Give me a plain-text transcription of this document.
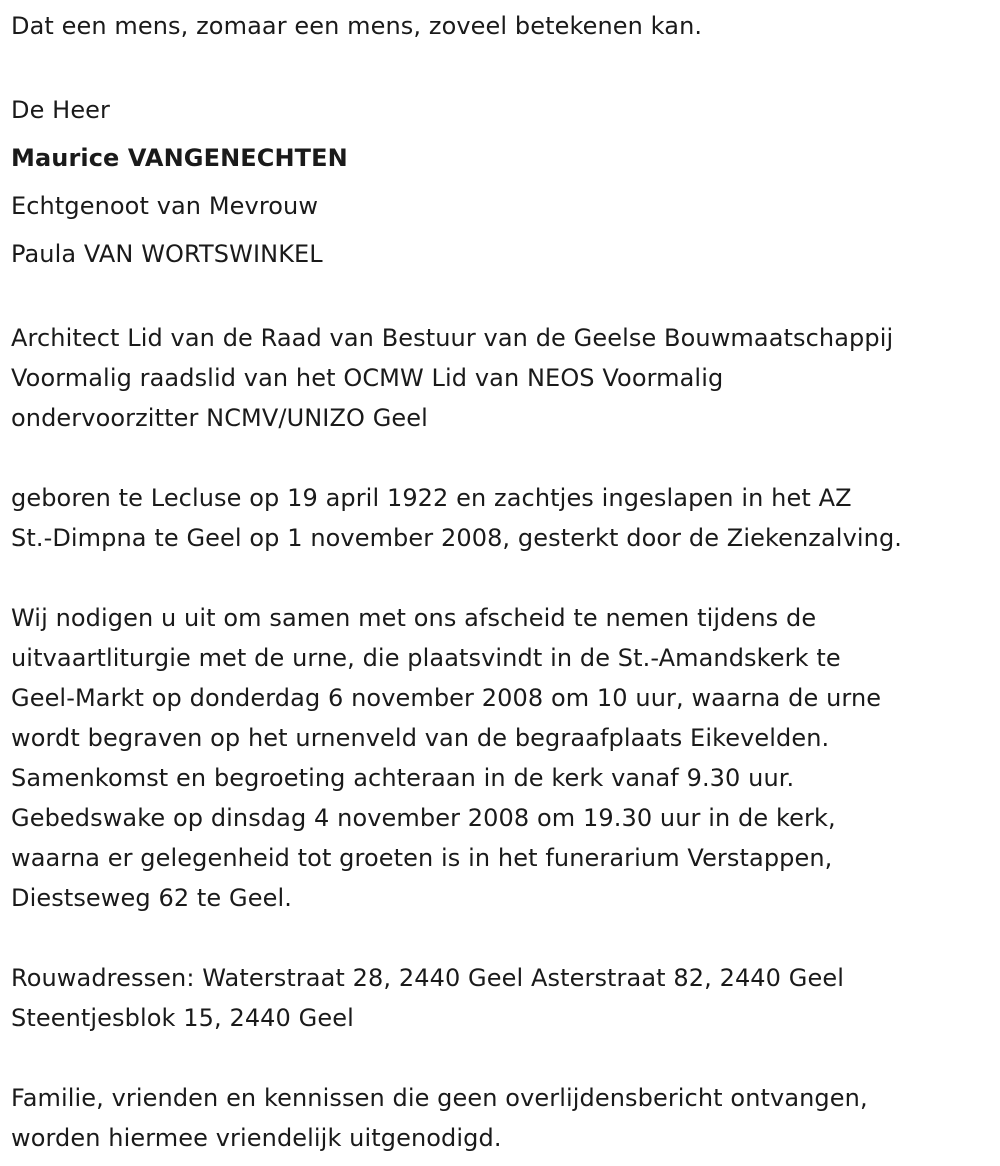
Dat een mens, zomaar een mens, zoveel betekenen kan.
De Heer
Maurice VANGENECHTEN
Echtgenoot van Mevrouw
Paula VAN WORTSWINKEL
Architect Lid van de Raad van Bestuur van de Geelse Bouwmaatschappij
Voormalig raadslid van het OCMW Lid van NEOS Voormalig
ondervoorzitter NCMV/UNIZO Geel
geboren te Lecluse op 19 april 1922 en zachtjes ingeslapen in het AZ
St.-Dimpna te Geel op 1 november 2008, gesterkt door de Ziekenzalving.
Wij nodigen u uit om samen met ons afscheid te nemen tijdens de
uitvaartliturgie met de urne, die plaatsvindt in de St.-Amandskerk te
Geel-Markt op donderdag 6 november 2008 om 10 uur, waarna de urne
wordt begraven op het urnenveld van de begraafplaats Eikevelden.
Samenkomst en begroeting achteraan in de kerk vanaf 9.30 uur.
Gebedswake op dinsdag 4 november 2008 om 19.30 uur in de kerk,
waarna er gelegenheid tot groeten is in het funerarium Verstappen,
Diestseweg 62 te Geel.
Rouwadressen: Waterstraat 28, 2440 Geel Asterstraat 82, 2440 Geel
Steentjesblok 15, 2440 Geel
Familie, vrienden en kennissen die geen overlijdensbericht ontvangen,
worden hiermee vriendelijk uitgenodigd.
